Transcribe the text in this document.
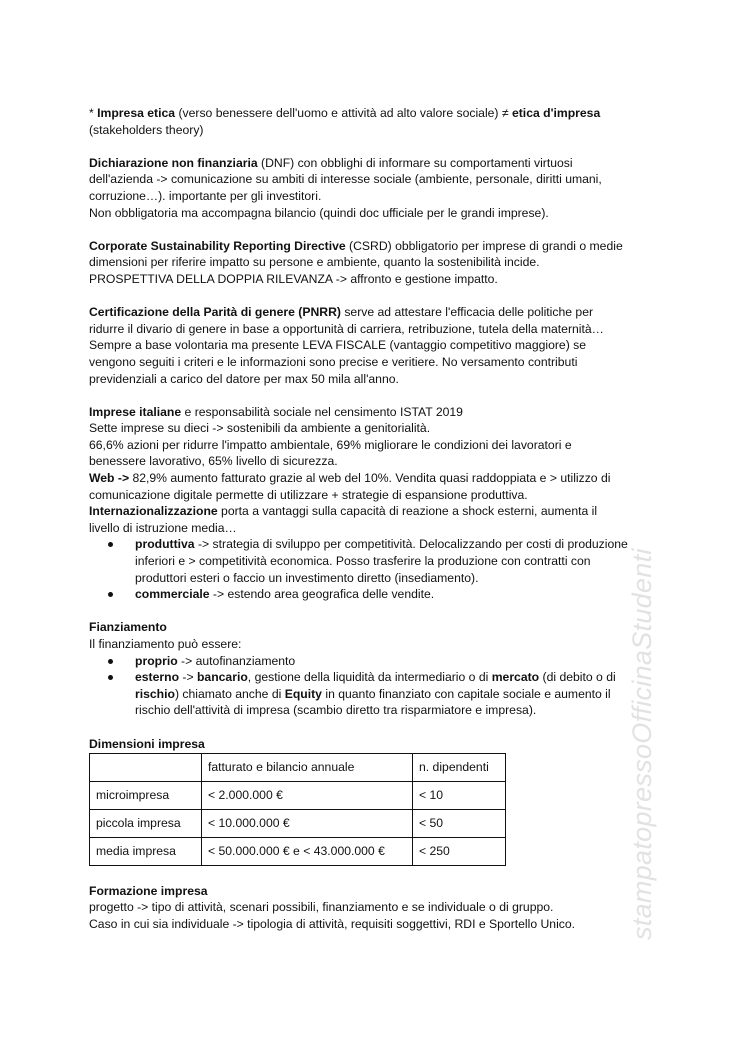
* Impresa etica (verso benessere dell'uomo e attività ad alto valore sociale) ≠ etica d'impresa

(stakeholders theory)

Dichiarazione non finanziaria (DNF) con obblighi di informare su comportamenti virtuosi dell'azienda -> comunicazione su ambiti di interesse sociale (ambiente, personale, diritti umani, corruzione…). importante per gli investitori.

Non obbligatoria ma accompagna bilancio (quindi doc ufficiale per le grandi imprese).

Corporate Sustainability Reporting Directive (CSRD) obbligatorio per imprese di grandi o medie dimensioni per riferire impatto su persone e ambiente, quanto la sostenibilità incide.

PROSPETTIVA DELLA DOPPIA RILEVANZA -> affronto e gestione impatto.

Certificazione della Parità di genere (PNRR) serve ad attestare l'efficacia delle politiche per ridurre il divario di genere in base a opportunità di carriera, retribuzione, tutela della maternità… Sempre a base volontaria ma presente LEVA FISCALE (vantaggio competitivo maggiore) se vengono seguiti i criteri e le informazioni sono precise e veritiere. No versamento contributi previdenziali a carico del datore per max 50 mila all'anno.

Imprese italiane e responsabilità sociale nel censimento ISTAT 2019

Sette imprese su dieci -> sostenibili da ambiente a genitorialità.

66,6% azioni per ridurre l'impatto ambientale, 69% migliorare le condizioni dei lavoratori e benessere lavorativo, 65% livello di sicurezza.

Web -> 82,9% aumento fatturato grazie al web del 10%. Vendita quasi raddoppiata e > utilizzo di comunicazione digitale permette di utilizzare + strategie di espansione produttiva.

Internazionalizzazione porta a vantaggi sulla capacità di reazione a shock esterni, aumenta il livello di istruzione media…

produttiva -> strategia di sviluppo per competitività. Delocalizzando per costi di produzione inferiori e > competitività economica. Posso trasferire la produzione con contratti con produttori esteri o faccio un investimento diretto (insediamento).
commerciale -> estendo area geografica delle vendite.

Fianziamento

Il finanziamento può essere:

proprio -> autofinanziamento
esterno -> bancario, gestione della liquidità da intermediario o di mercato (di debito o di rischio) chiamato anche di Equity in quanto finanziato con capitale sociale e aumento il rischio dell'attività di impresa (scambio diretto tra risparmiatore e impresa).

Dimensioni impresa

	fatturato e bilancio annuale	n. dipendenti
microimpresa	< 2.000.000 €	< 10
piccola impresa	< 10.000.000 €	< 50
media impresa	< 50.000.000 € e < 43.000.000 €	< 250

Formazione impresa

progetto -> tipo di attività, scenari possibili, finanziamento e se individuale o di gruppo.

Caso in cui sia individuale -> tipologia di attività, requisiti soggettivi, RDI e Sportello Unico.	stampatopressoOfficinaStudenti
